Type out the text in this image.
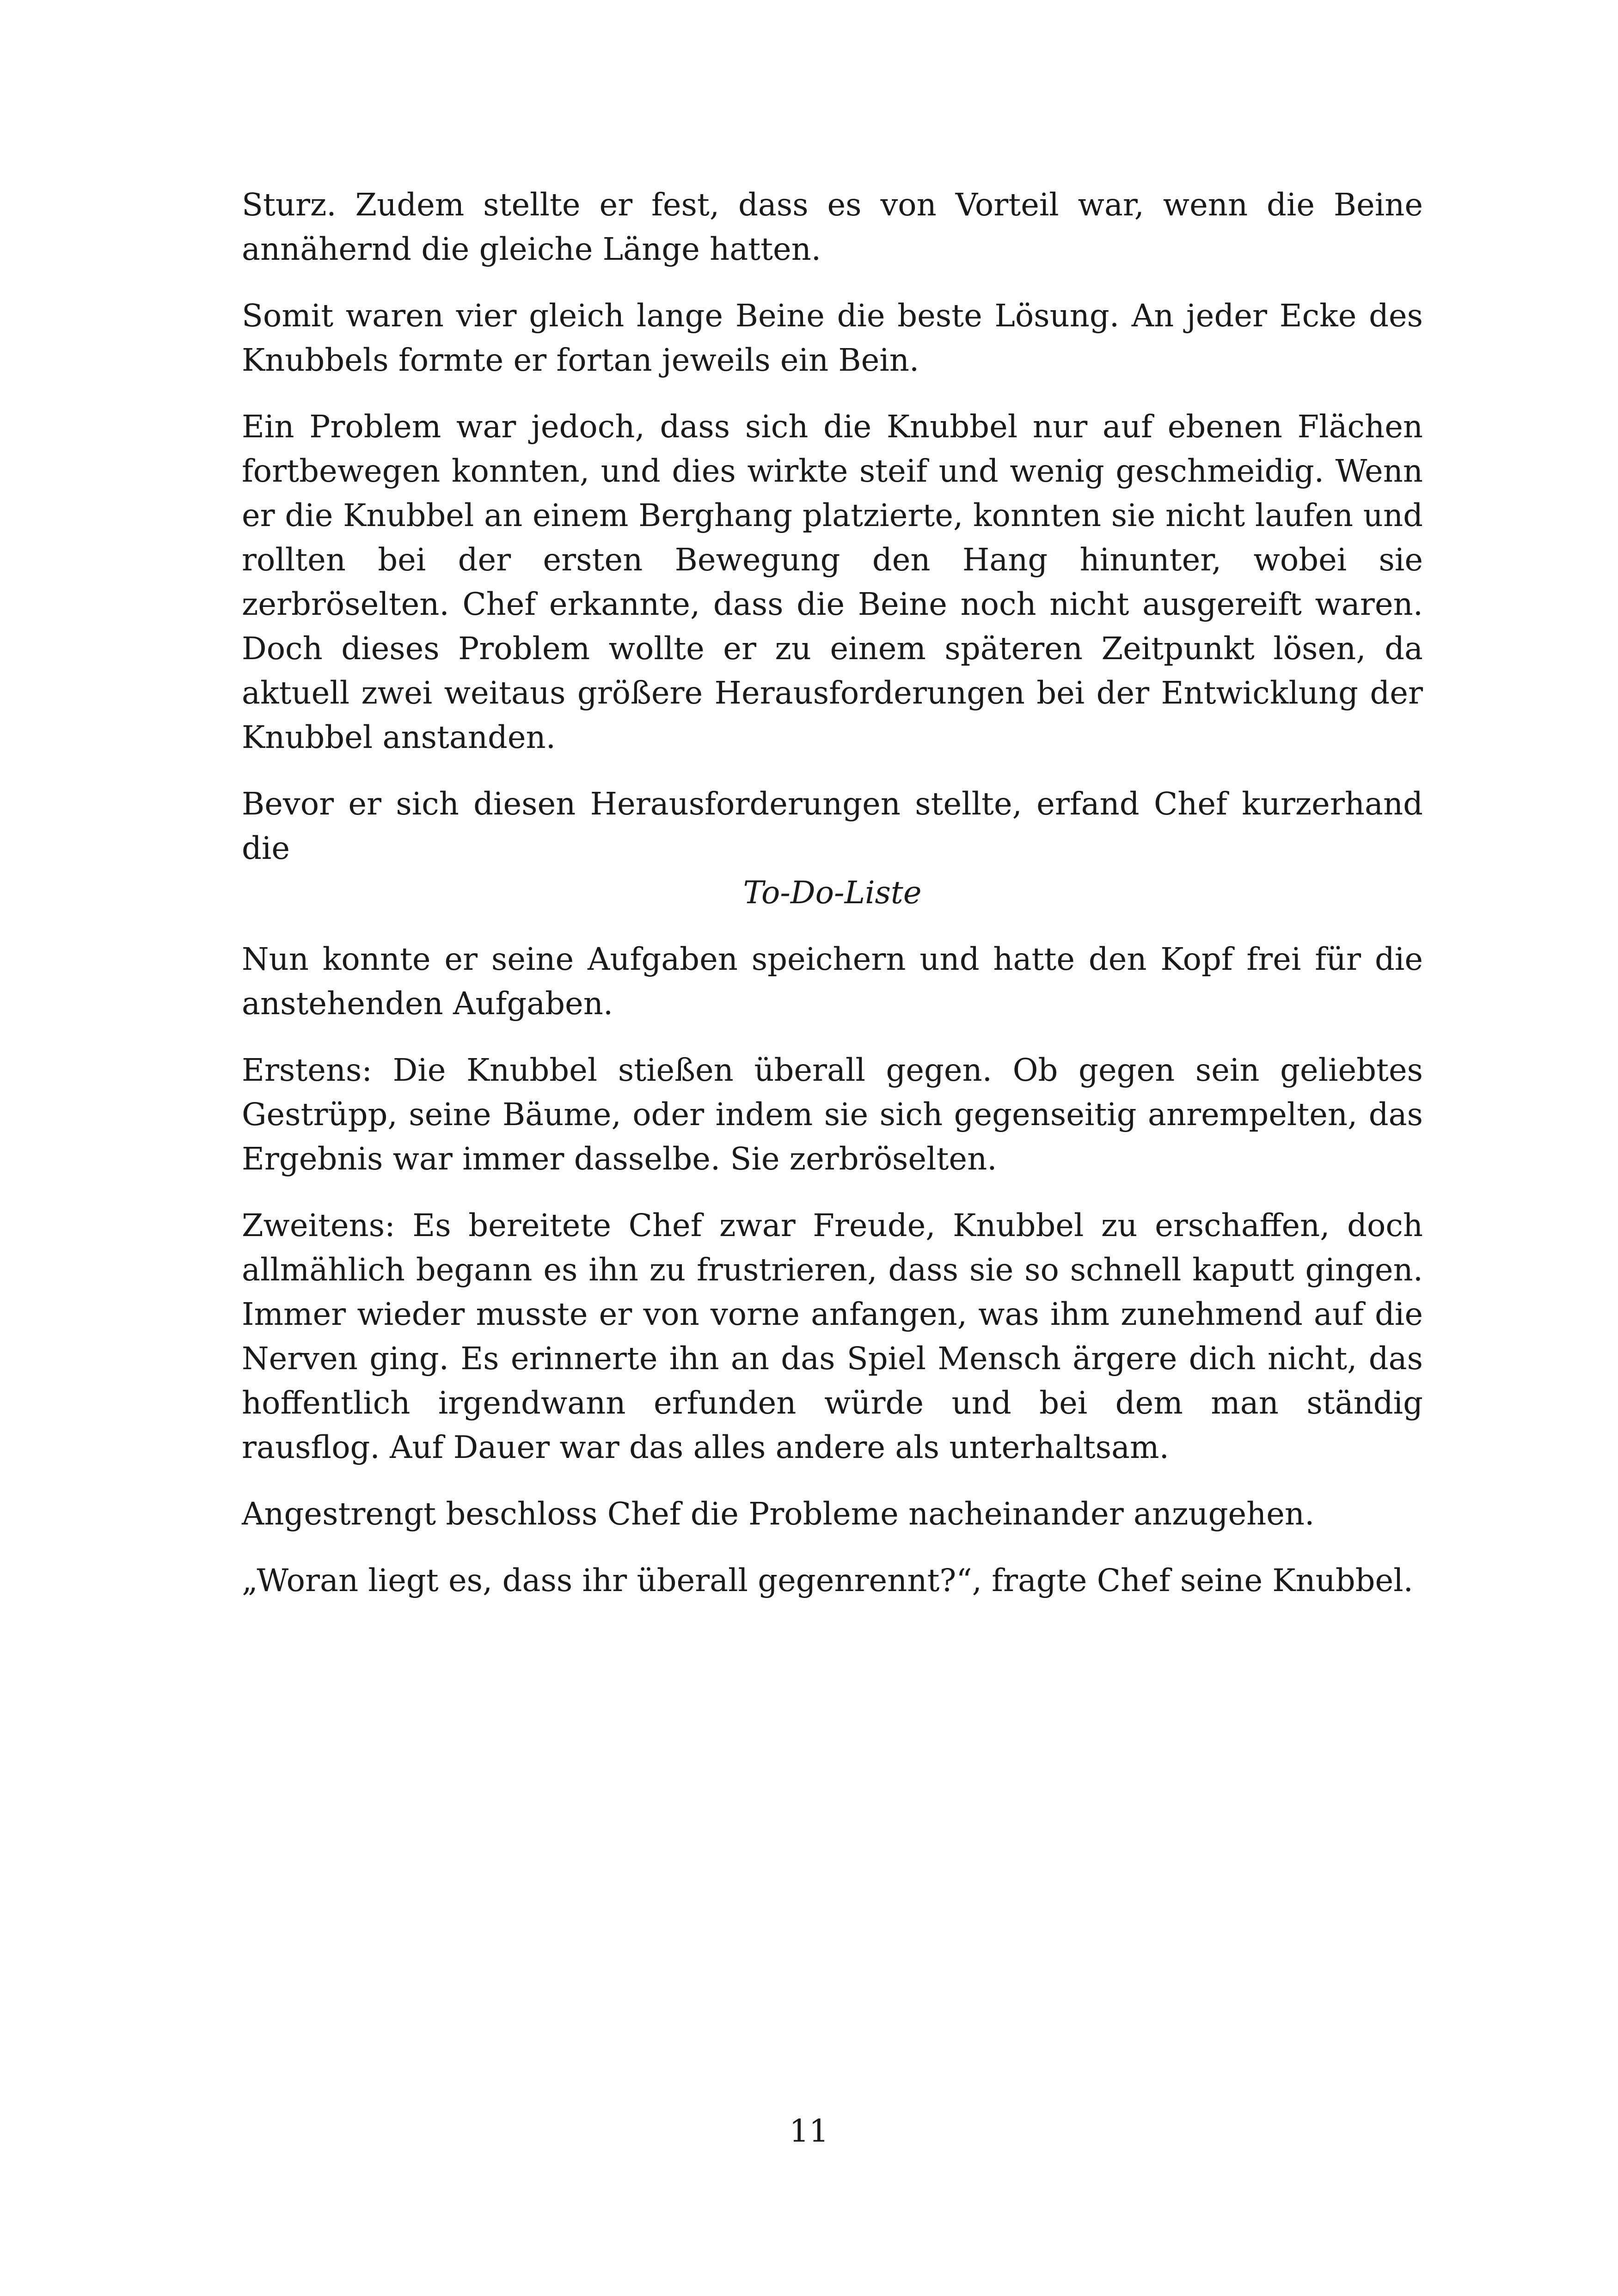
Sturz. Zudem stellte er fest, dass es von Vorteil war, wenn die Beine annähernd die gleiche Länge hatten.

Somit waren vier gleich lange Beine die beste Lösung. An jeder Ecke des Knubbels formte er fortan jeweils ein Bein.

Ein Problem war jedoch, dass sich die Knubbel nur auf ebenen Flächen fortbewegen konnten, und dies wirkte steif und wenig geschmeidig. Wenn er die Knubbel an einem Berghang platzierte, konnten sie nicht laufen und rollten bei der ersten Bewegung den Hang hinunter, wobei sie zerbröselten. Chef erkannte, dass die Beine noch nicht ausgereift waren. Doch dieses Problem wollte er zu einem späteren Zeitpunkt lösen, da aktuell zwei weitaus größere Herausforderungen bei der Entwicklung der Knubbel anstanden.

Bevor er sich diesen Herausforderungen stellte, erfand Chef kurzerhand die

To-Do-Liste

Nun konnte er seine Aufgaben speichern und hatte den Kopf frei für die anstehenden Aufgaben.

Erstens: Die Knubbel stießen überall gegen. Ob gegen sein geliebtes Gestrüpp, seine Bäume, oder indem sie sich gegenseitig anrempelten, das Ergebnis war immer dasselbe. Sie zerbröselten.

Zweitens: Es bereitete Chef zwar Freude, Knubbel zu erschaffen, doch allmählich begann es ihn zu frustrieren, dass sie so schnell kaputt gingen. Immer wieder musste er von vorne anfangen, was ihm zunehmend auf die Nerven ging. Es erinnerte ihn an das Spiel Mensch ärgere dich nicht, das hoffentlich irgendwann erfunden würde und bei dem man ständig rausflog. Auf Dauer war das alles andere als unterhaltsam.

Angestrengt beschloss Chef die Probleme nacheinander anzugehen.

„Woran liegt es, dass ihr überall gegenrennt?“, fragte Chef seine Knubbel.

11
